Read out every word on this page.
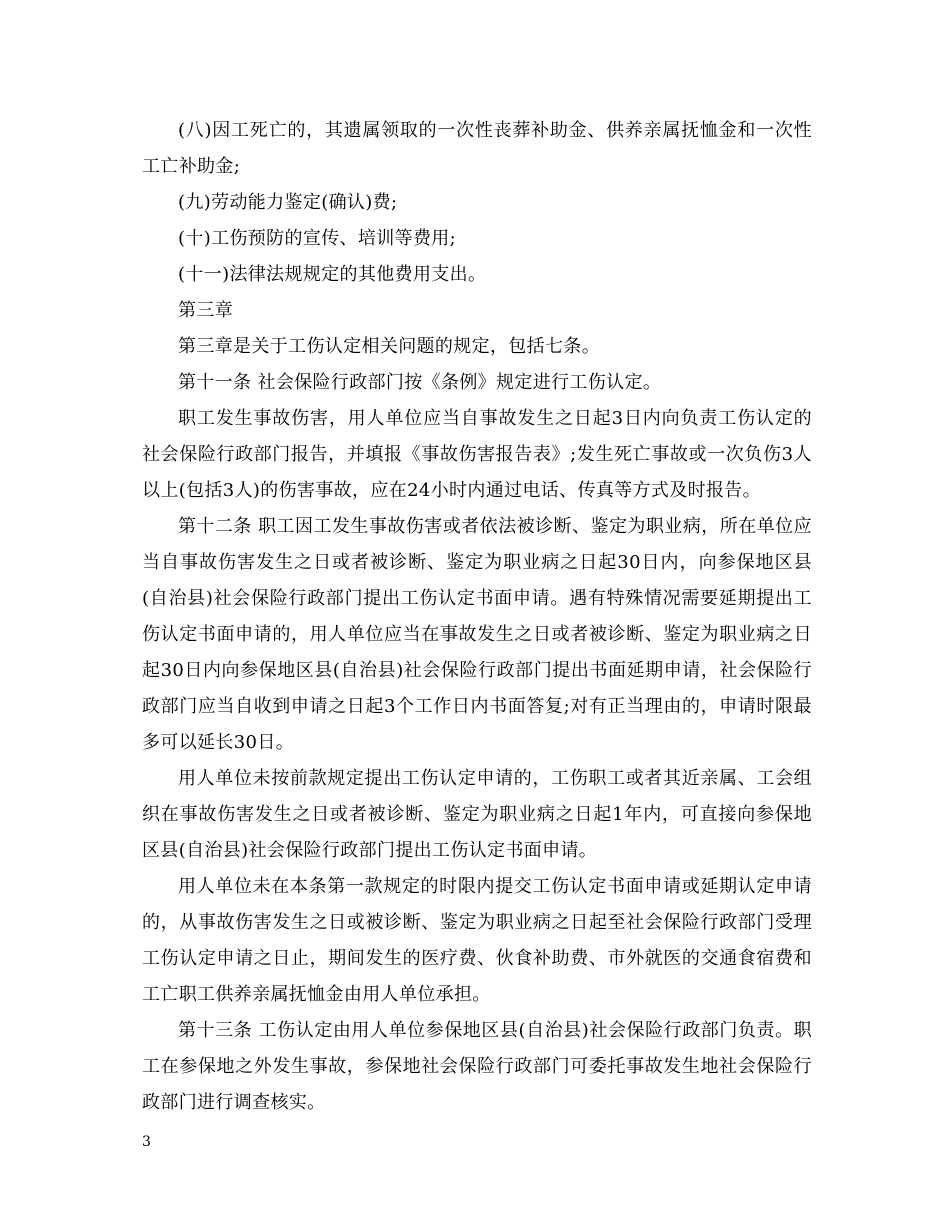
(八)因工死亡的，其遗属领取的一次性丧葬补助金、供养亲属抚恤金和一次性工亡补助金;

(九)劳动能力鉴定(确认)费;

(十)工伤预防的宣传、培训等费用;

(十一)法律法规规定的其他费用支出。

第三章

第三章是关于工伤认定相关问题的规定，包括七条。

第十一条 社会保险行政部门按《条例》规定进行工伤认定。

职工发生事故伤害，用人单位应当自事故发生之日起3日内向负责工伤认定的社会保险行政部门报告，并填报《事故伤害报告表》;发生死亡事故或一次负伤3人以上(包括3人)的伤害事故，应在24小时内通过电话、传真等方式及时报告。

第十二条 职工因工发生事故伤害或者依法被诊断、鉴定为职业病，所在单位应当自事故伤害发生之日或者被诊断、鉴定为职业病之日起30日内，向参保地区县(自治县)社会保险行政部门提出工伤认定书面申请。遇有特殊情况需要延期提出工伤认定书面申请的，用人单位应当在事故发生之日或者被诊断、鉴定为职业病之日起30日内向参保地区县(自治县)社会保险行政部门提出书面延期申请，社会保险行政部门应当自收到申请之日起3个工作日内书面答复;对有正当理由的，申请时限最多可以延长30日。

用人单位未按前款规定提出工伤认定申请的，工伤职工或者其近亲属、工会组织在事故伤害发生之日或者被诊断、鉴定为职业病之日起1年内，可直接向参保地区县(自治县)社会保险行政部门提出工伤认定书面申请。

用人单位未在本条第一款规定的时限内提交工伤认定书面申请或延期认定申请的，从事故伤害发生之日或被诊断、鉴定为职业病之日起至社会保险行政部门受理工伤认定申请之日止，期间发生的医疗费、伙食补助费、市外就医的交通食宿费和工亡职工供养亲属抚恤金由用人单位承担。

第十三条 工伤认定由用人单位参保地区县(自治县)社会保险行政部门负责。职工在参保地之外发生事故，参保地社会保险行政部门可委托事故发生地社会保险行政部门进行调查核实。

3
